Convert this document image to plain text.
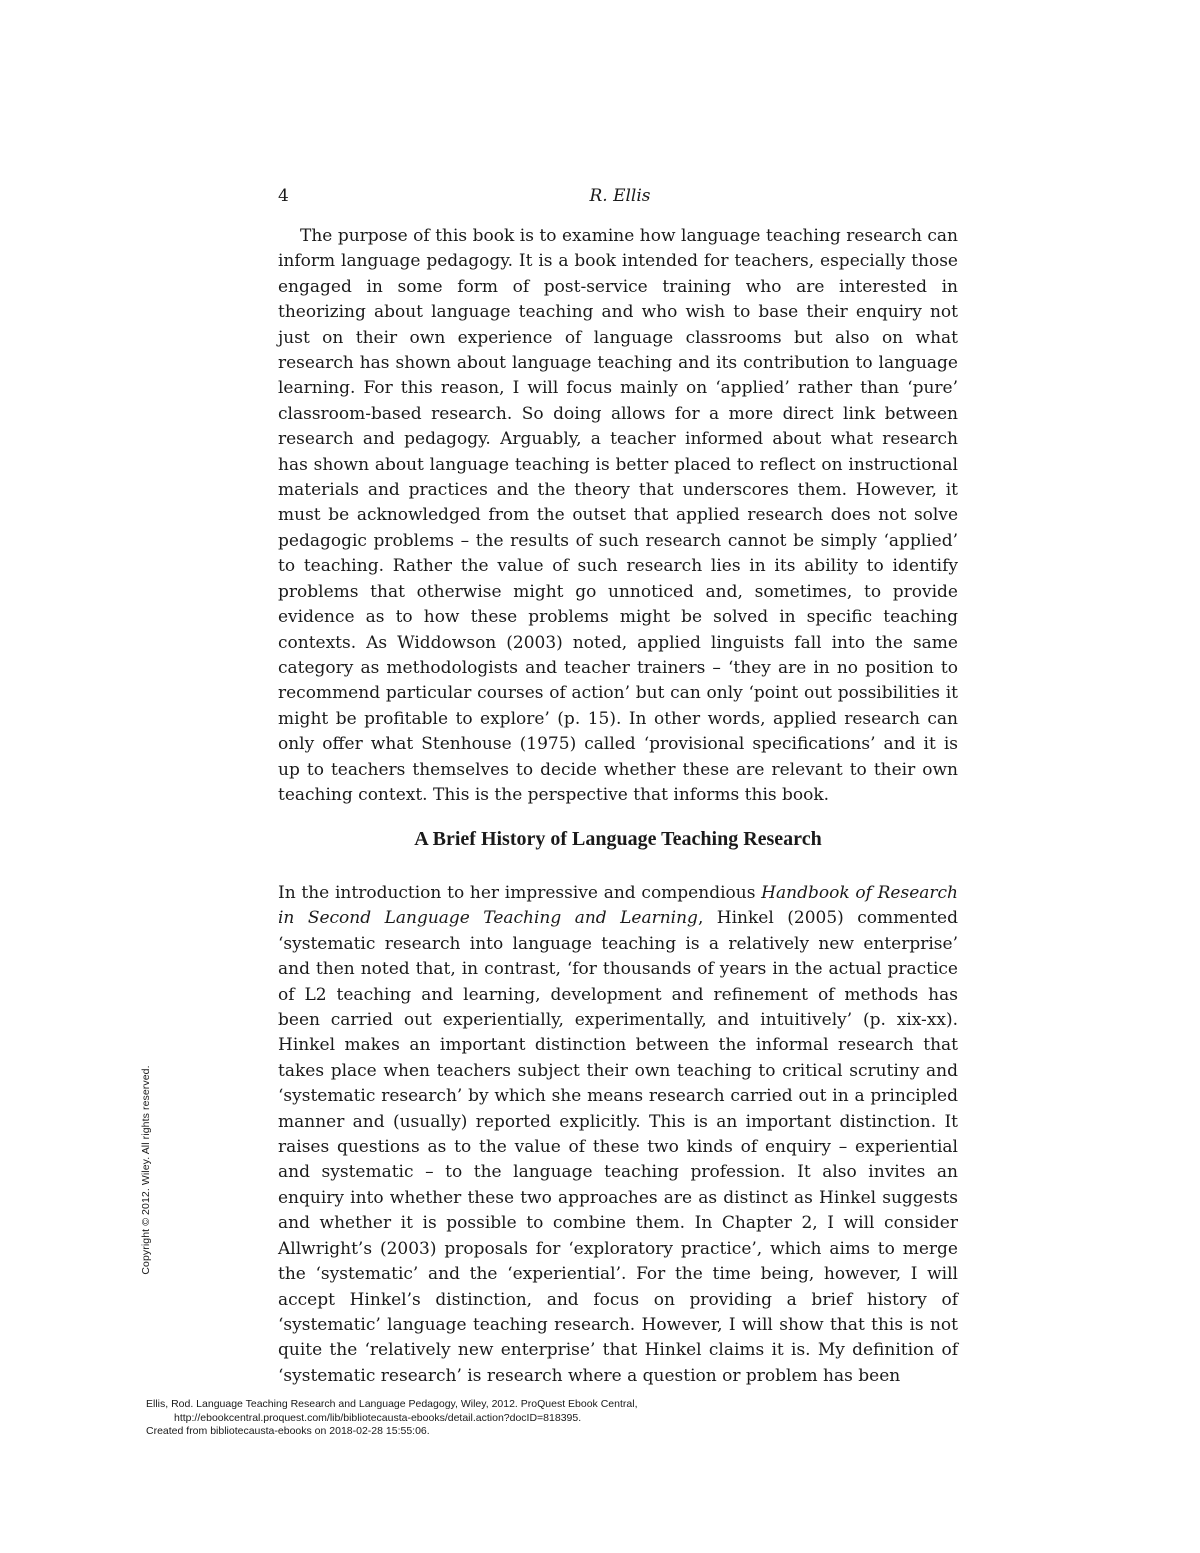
4	R. Ellis

The purpose of this book is to examine how language teaching research can inform language pedagogy. It is a book intended for teachers, especially those engaged in some form of post-service training who are interested in theorizing about language teaching and who wish to base their enquiry not just on their own experience of language classrooms but also on what research has shown about language teaching and its contribution to language learning. For this reason, I will focus mainly on ‘applied’ rather than ‘pure’ classroom-based research. So doing allows for a more direct link between research and pedagogy. Arguably, a teacher informed about what research has shown about language teaching is better placed to reflect on instructional materials and practices and the theory that underscores them. However, it must be acknowledged from the outset that applied research does not solve pedagogic problems – the results of such research cannot be simply ‘applied’ to teaching. Rather the value of such research lies in its ability to identify problems that otherwise might go unnoticed and, sometimes, to provide evidence as to how these problems might be solved in specific teaching contexts. As Widdowson (2003) noted, applied linguists fall into the same category as methodologists and teacher trainers – ‘they are in no position to recommend particular courses of action’ but can only ‘point out possibilities it might be profitable to explore’ (p. 15). In other words, applied research can only offer what Stenhouse (1975) called ‘provisional specifications’ and it is up to teachers themselves to decide whether these are relevant to their own teaching context. This is the perspective that informs this book.

A Brief History of Language Teaching Research

In the introduction to her impressive and compendious Handbook of Research in Second Language Teaching and Learning, Hinkel (2005) commented ‘systematic research into language teaching is a relatively new enterprise’ and then noted that, in contrast, ‘for thousands of years in the actual practice of L2 teaching and learning, development and refinement of methods has been carried out experientially, experimentally, and intuitively’ (p. xix-xx). Hinkel makes an important distinction between the informal research that takes place when teachers subject their own teaching to critical scrutiny and ‘systematic research’ by which she means research carried out in a principled manner and (usually) reported explicitly. This is an important distinction. It raises questions as to the value of these two kinds of enquiry – experiential and systematic – to the language teaching profession. It also invites an enquiry into whether these two approaches are as distinct as Hinkel suggests and whether it is possible to combine them. In Chapter 2, I will consider Allwright’s (2003) proposals for ‘exploratory practice’, which aims to merge the ‘systematic’ and the ‘experiential’. For the time being, however, I will accept Hinkel’s distinction, and focus on providing a brief history of ‘systematic’ language teaching research. However, I will show that this is not quite the ‘relatively new enterprise’ that Hinkel claims it is. My definition of ‘systematic research’ is research where a question or problem has been

Copyright © 2012. Wiley. All rights reserved.
Ellis, Rod. Language Teaching Research and Language Pedagogy, Wiley, 2012. ProQuest Ebook Central,
http://ebookcentral.proquest.com/lib/bibliotecausta-ebooks/detail.action?docID=818395.
Created from bibliotecausta-ebooks on 2018-02-28 15:55:06.
